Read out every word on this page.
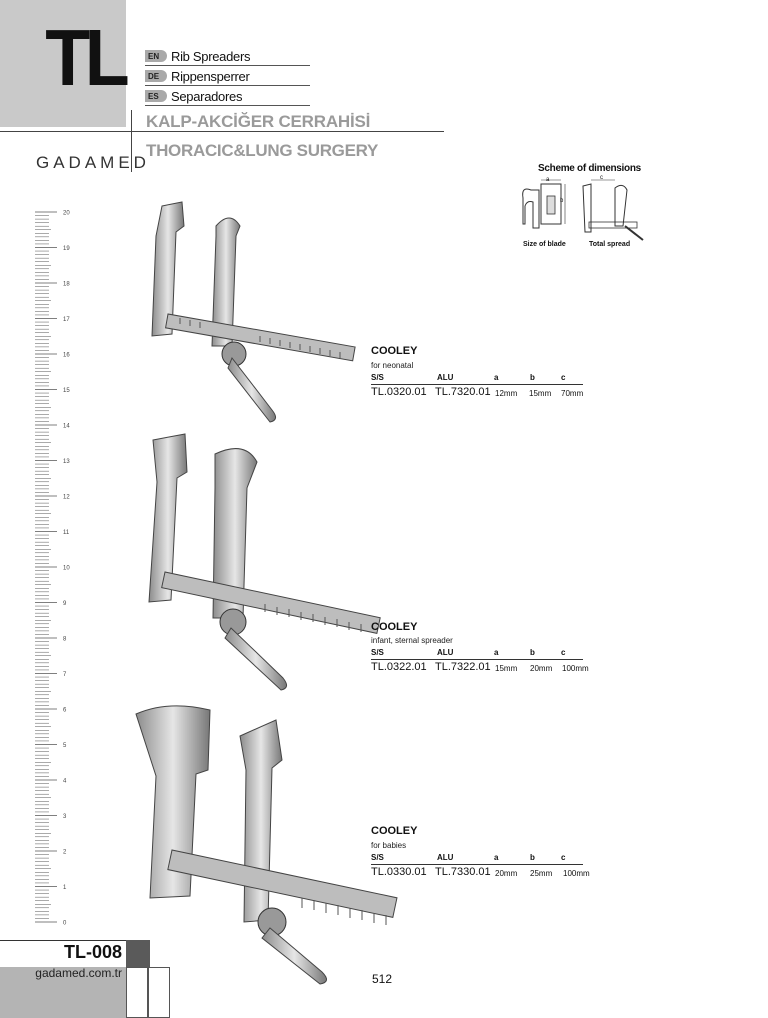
TL	EN Rib Spreaders
DE Rippensperrer
ES Separadores
KALP-AKCİĞER CERRAHİSİ
THORACIC&LUNG SURGERY
GADAMED	Scheme of dimensions
a
b
c
Size of blade	Total spread
20
19
18
17
16
15
14
13
12
11
10
9
8
7
6
5
4
3
2
1
0
COOLEY
for neonatal
S/S	ALU	a	b	c
TL.0320.01 TL.7320.01 12mm 15mm 70mm
COOLEY
infant, sternal spreader
S/S	ALU	a	b	c
TL.0322.01 TL.7322.01 15mm 20mm 100mm
COOLEY
for babies
S/S	ALU	a	b	c
TL.0330.01 TL.7330.01 20mm 25mm 100mm
TL-008
gadamed.com.tr	512
